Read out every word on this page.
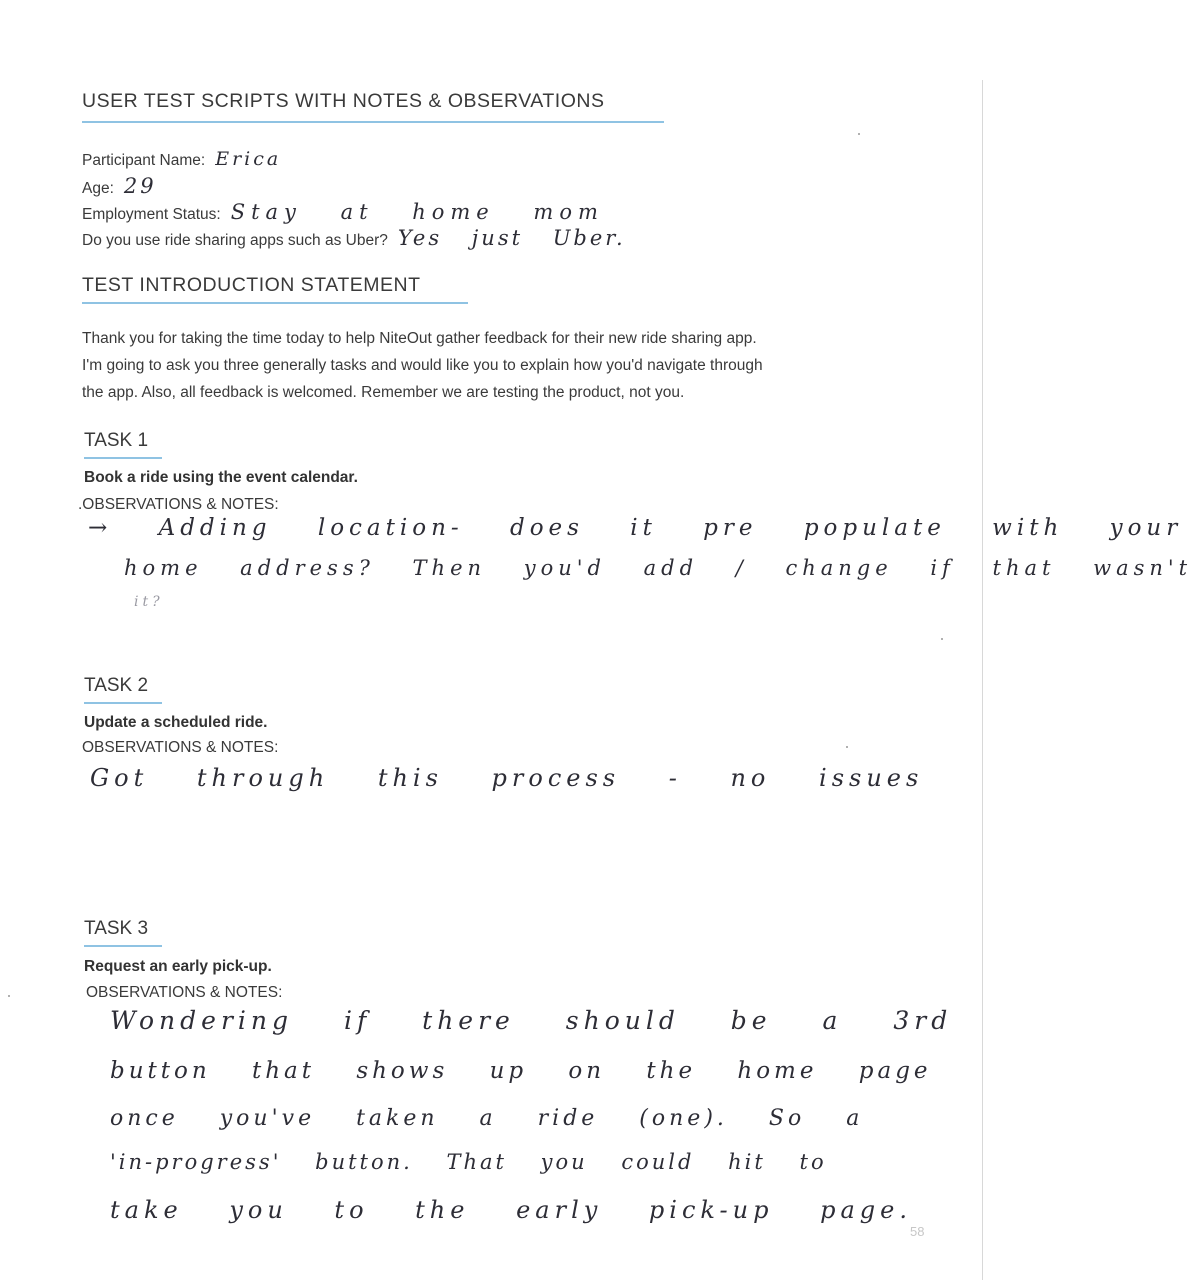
USER TEST SCRIPTS WITH NOTES & OBSERVATIONS
Participant Name: Erica
Age: 29
Employment Status: Stay at home mom
Do you use ride sharing apps such as Uber? Yes just Uber.
TEST INTRODUCTION STATEMENT
Thank you for taking the time today to help NiteOut gather feedback for their new ride sharing app.
I'm going to ask you three generally tasks and would like you to explain how you'd navigate through
the app. Also, all feedback is welcomed. Remember we are testing the product, not you.
TASK 1
Book a ride using the event calendar.
.OBSERVATIONS & NOTES:
→ Adding location- does it pre populate with your
home address? Then you'd add / change if that wasn't
it?
TASK 2
Update a scheduled ride.
OBSERVATIONS & NOTES:
Got through this process - no issues
TASK 3
Request an early pick-up.
OBSERVATIONS & NOTES:
Wondering if there should be a 3rd
button that shows up on the home page
once you've taken a ride (one). So a
'in-progress' button. That you could hit to
take you to the early pick-up page.
58
